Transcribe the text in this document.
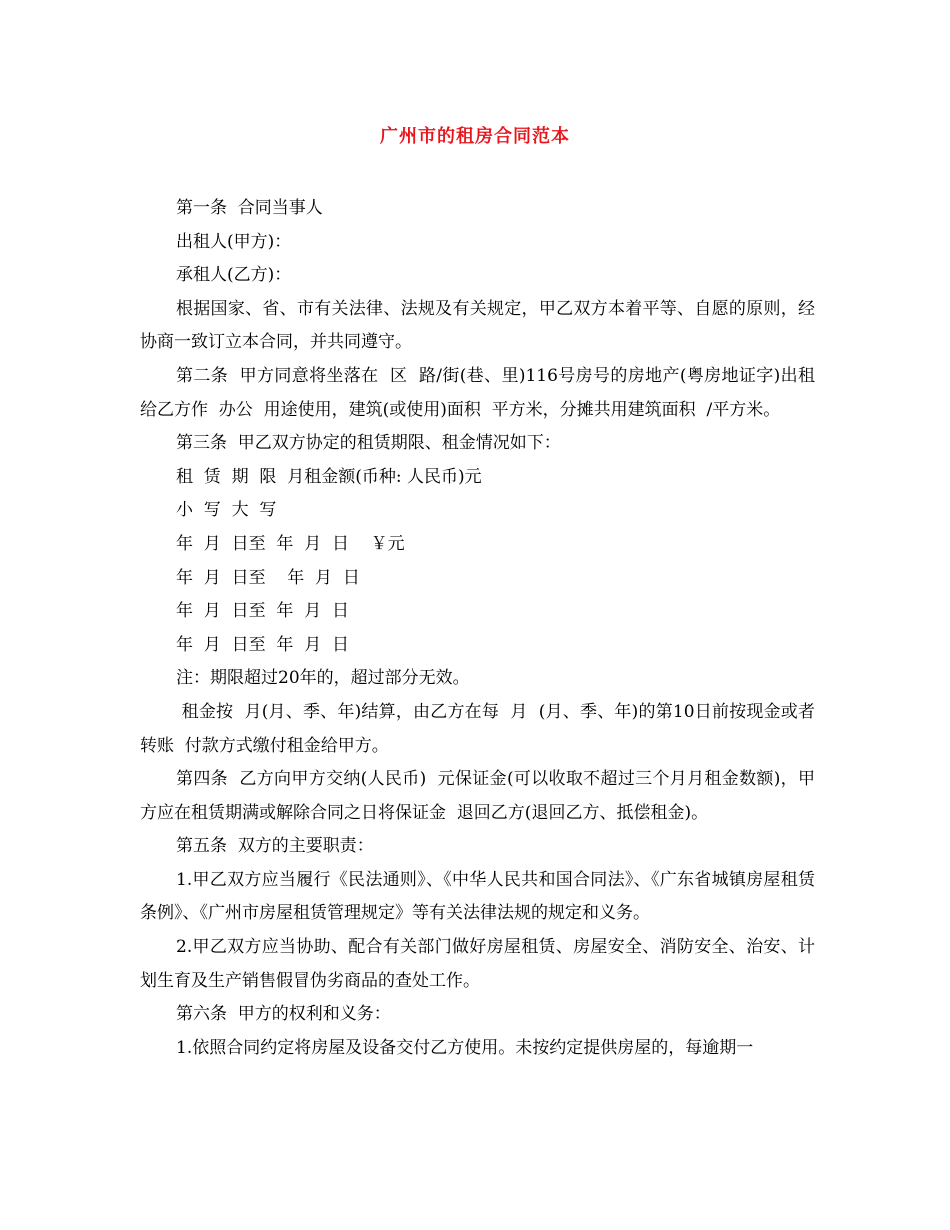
广州市的租房合同范本

第一条  合同当事人

出租人(甲方)：

承租人(乙方)：

根据国家、省、市有关法律、法规及有关规定，甲乙双方本着平等、自愿的原则，经协商一致订立本合同，并共同遵守。

第二条  甲方同意将坐落在  区  路/街(巷、里)116号房号的房地产(粤房地证字)出租给乙方作  办公  用途使用，建筑(或使用)面积  平方米，分摊共用建筑面积  /平方米。

第三条  甲乙双方协定的租赁期限、租金情况如下：

租  赁  期  限  月租金额(币种: 人民币)元

小  写  大  写

年  月  日至  年  月  日    ￥元

年  月  日至    年  月  日

年  月  日至  年  月  日

年  月  日至  年  月  日

注：期限超过20年的，超过部分无效。

租金按  月(月、季、年)结算，由乙方在每  月  (月、季、年)的第10日前按现金或者转账  付款方式缴付租金给甲方。

第四条  乙方向甲方交纳(人民币)  元保证金(可以收取不超过三个月月租金数额)，甲方应在租赁期满或解除合同之日将保证金  退回乙方(退回乙方、抵偿租金)。

第五条  双方的主要职责：

1.甲乙双方应当履行《民法通则》、《中华人民共和国合同法》、《广东省城镇房屋租赁条例》、《广州市房屋租赁管理规定》等有关法律法规的规定和义务。

2.甲乙双方应当协助、配合有关部门做好房屋租赁、房屋安全、消防安全、治安、计划生育及生产销售假冒伪劣商品的查处工作。

第六条  甲方的权利和义务：

1.依照合同约定将房屋及设备交付乙方使用。未按约定提供房屋的，每逾期一
